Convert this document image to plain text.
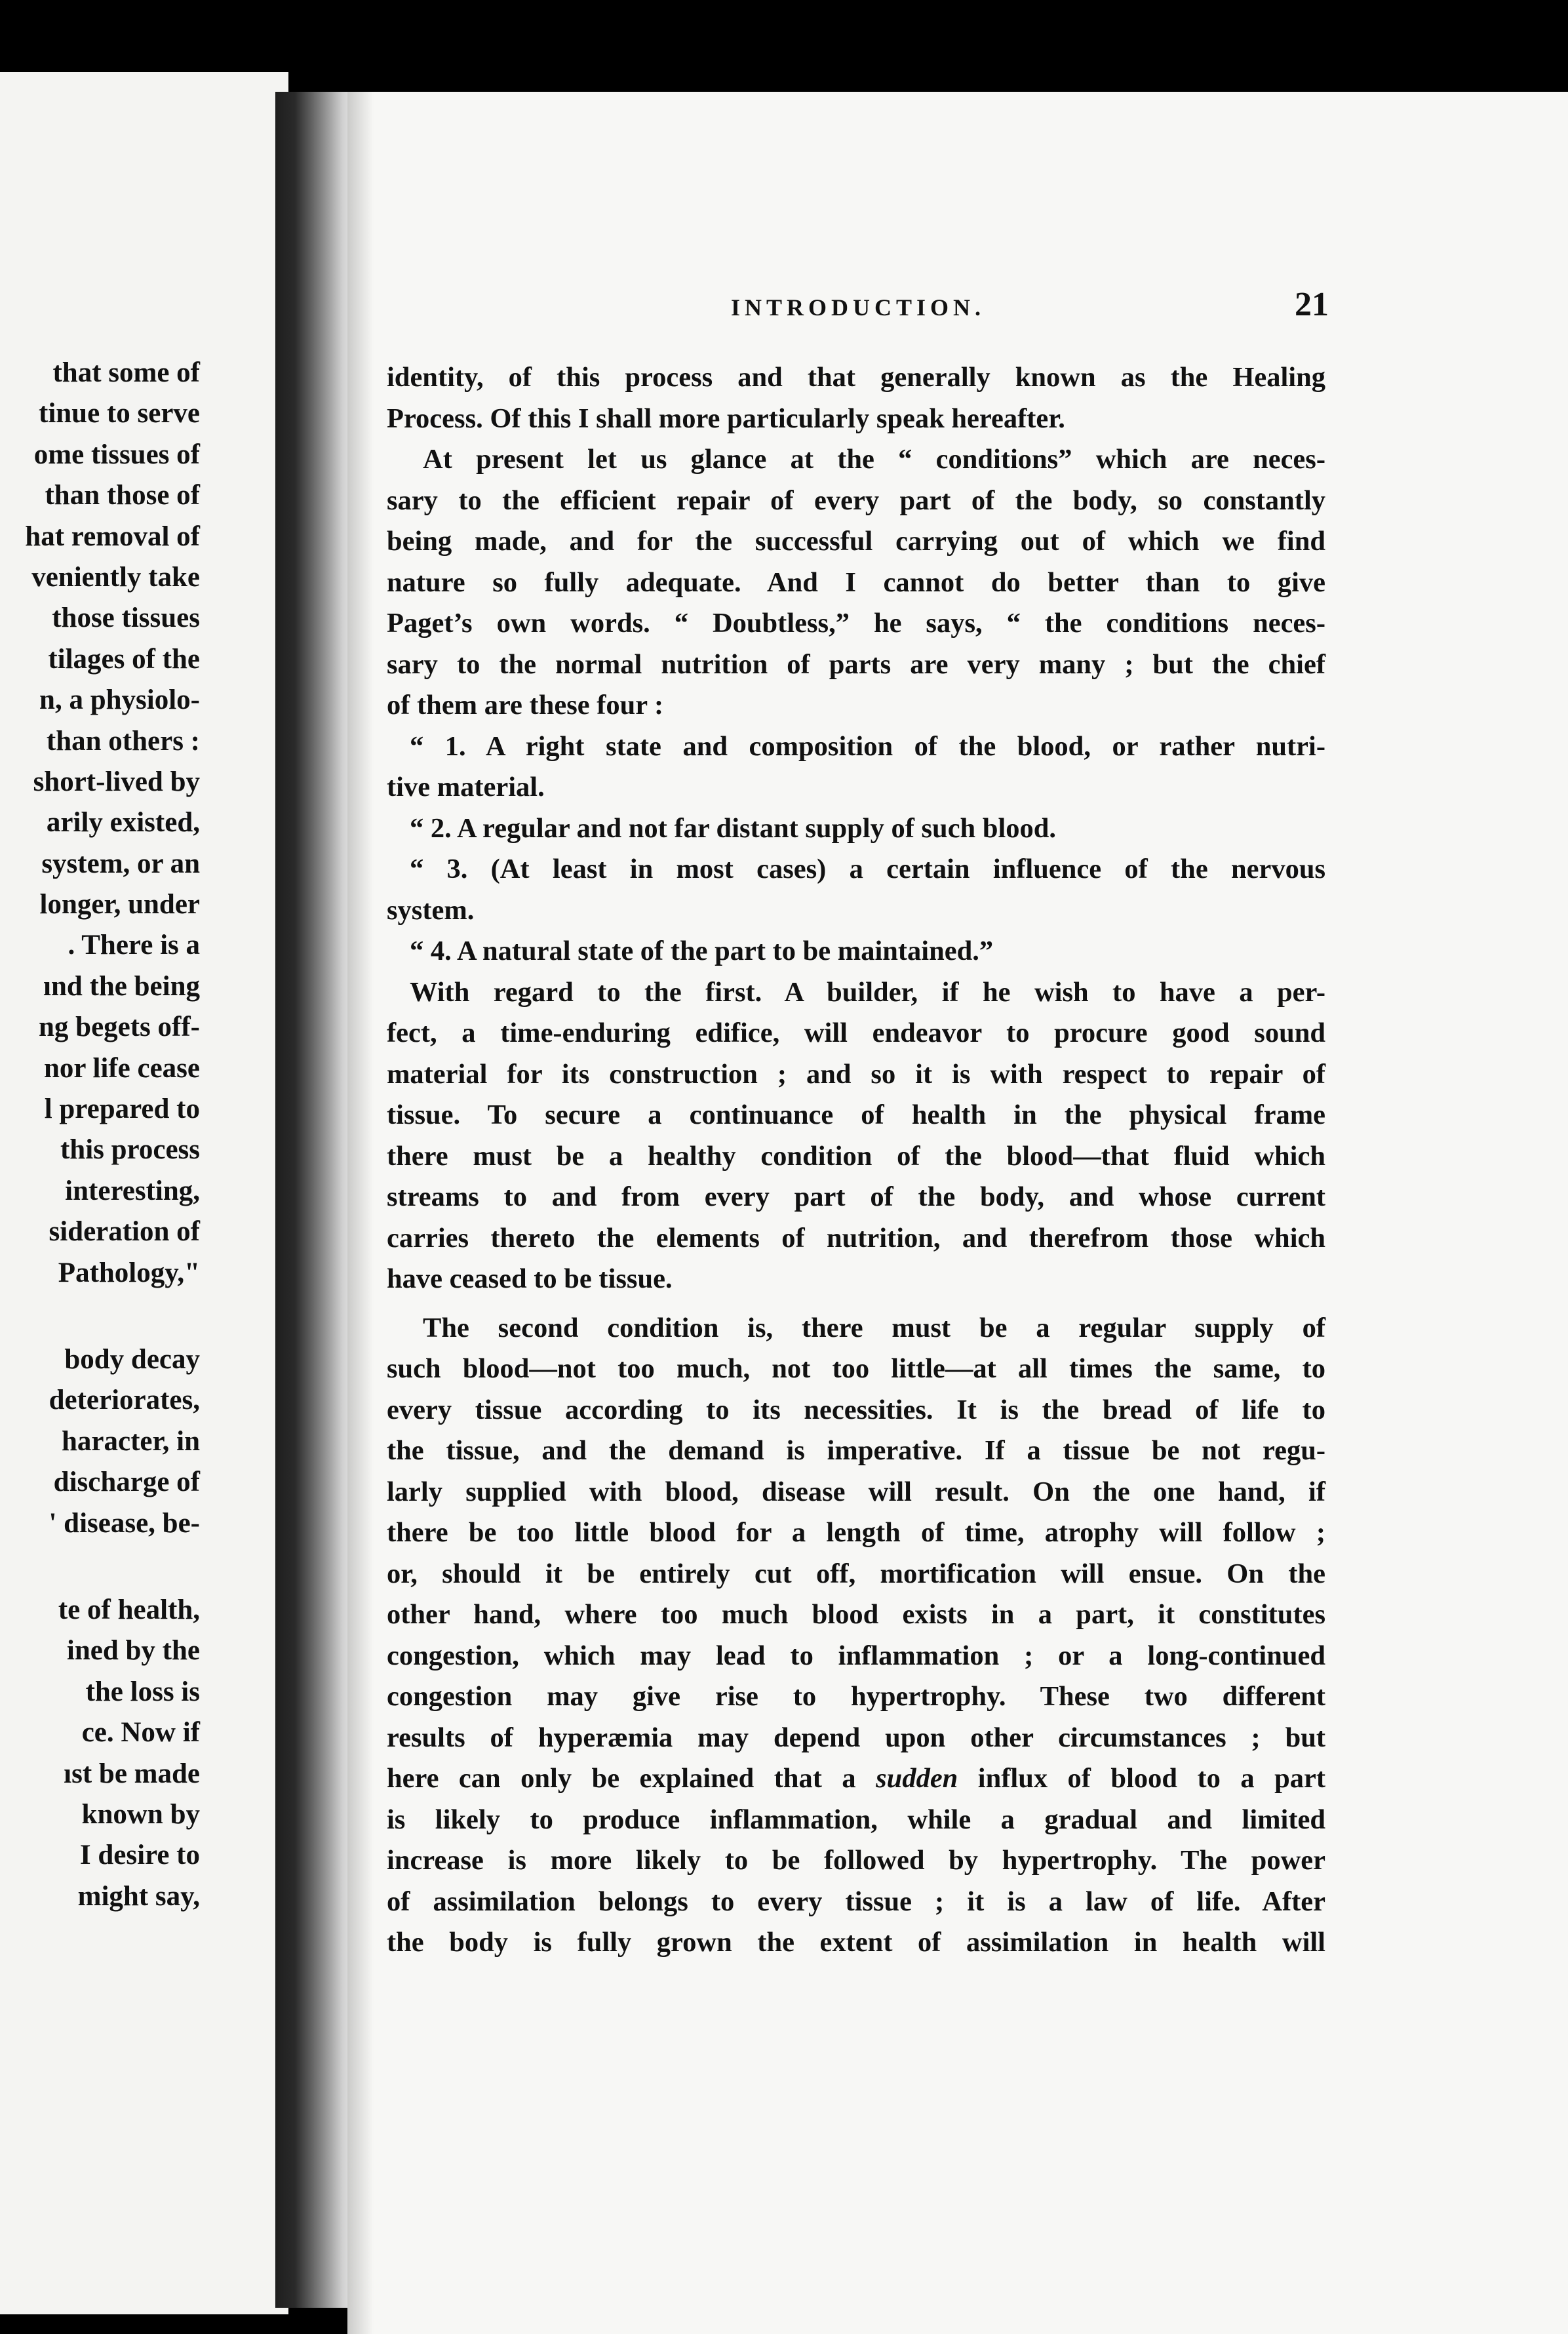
that some of
tinue to serve
ome tissues of
than those of
hat removal of
veniently take
those tissues
tilages of the
n, a physiolo-
than others :
short-lived by
arily existed,
system, or an
longer, under
. There is a
ınd the being
ng begets off-
nor life cease
l prepared to
this process
interesting,
sideration of
Pathology,"
body decay
deteriorates,
haracter, in
discharge of
' disease, be-
te of health,
ined by the
the loss is
ce. Now if
ıst be made
known by
I desire to
might say,
INTRODUCTION.	21
identity, of this process and that generally known as the Healing
Process. Of this I shall more particularly speak hereafter.
At present let us glance at the “ conditions” which are neces-
sary to the efficient repair of every part of the body, so constantly
being made, and for the successful carrying out of which we find
nature so fully adequate. And I cannot do better than to give
Paget’s own words. “ Doubtless,” he says, “ the conditions neces-
sary to the normal nutrition of parts are very many ; but the chief
of them are these four :
“ 1. A right state and composition of the blood, or rather nutri-
tive material.
“ 2. A regular and not far distant supply of such blood.
“ 3. (At least in most cases) a certain influence of the nervous
system.
“ 4. A natural state of the part to be maintained.”
With regard to the first. A builder, if he wish to have a per-
fect, a time-enduring edifice, will endeavor to procure good sound
material for its construction ; and so it is with respect to repair of
tissue. To secure a continuance of health in the physical frame
there must be a healthy condition of the blood—that fluid which
streams to and from every part of the body, and whose current
carries thereto the elements of nutrition, and therefrom those which
have ceased to be tissue.
The second condition is, there must be a regular supply of
such blood—not too much, not too little—at all times the same, to
every tissue according to its necessities. It is the bread of life to
the tissue, and the demand is imperative. If a tissue be not regu-
larly supplied with blood, disease will result. On the one hand, if
there be too little blood for a length of time, atrophy will follow ;
or, should it be entirely cut off, mortification will ensue. On the
other hand, where too much blood exists in a part, it constitutes
congestion, which may lead to inflammation ; or a long-continued
congestion may give rise to hypertrophy. These two different
results of hyperæmia may depend upon other circumstances ; but
here can only be explained that a sudden influx of blood to a part
is likely to produce inflammation, while a gradual and limited
increase is more likely to be followed by hypertrophy. The power
of assimilation belongs to every tissue ; it is a law of life. After
the body is fully grown the extent of assimilation in health will
